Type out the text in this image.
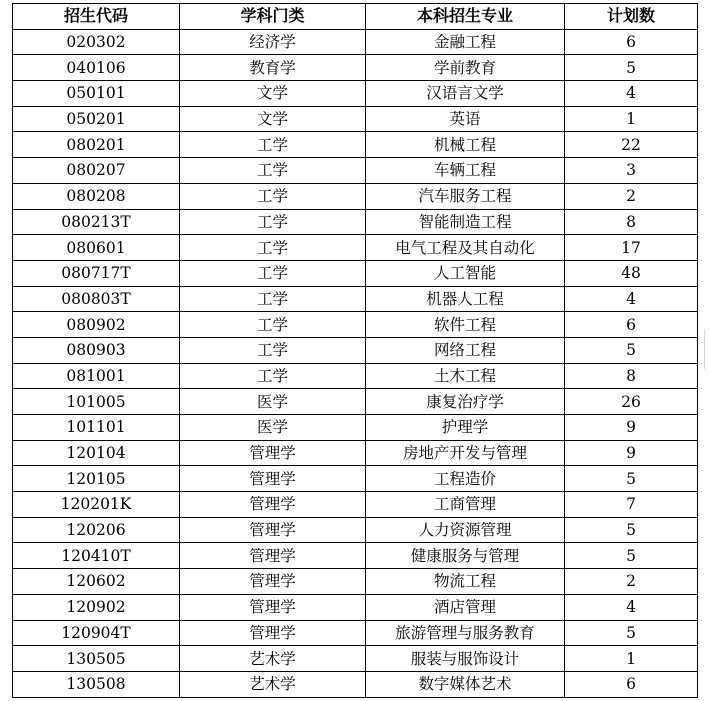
招生代码	学科门类	本科招生专业	计划数
020302	经济学	金融工程	6
040106	教育学	学前教育	5
050101	文学	汉语言文学	4
050201	文学	英语	1
080201	工学	机械工程	22
080207	工学	车辆工程	3
080208	工学	汽车服务工程	2
080213T	工学	智能制造工程	8
080601	工学	电气工程及其自动化	17
080717T	工学	人工智能	48
080803T	工学	机器人工程	4
080902	工学	软件工程	6
080903	工学	网络工程	5
081001	工学	土木工程	8
101005	医学	康复治疗学	26
101101	医学	护理学	9
120104	管理学	房地产开发与管理	9
120105	管理学	工程造价	5
120201K	管理学	工商管理	7
120206	管理学	人力资源管理	5
120410T	管理学	健康服务与管理	5
120602	管理学	物流工程	2
120902	管理学	酒店管理	4
120904T	管理学	旅游管理与服务教育	5
130505	艺术学	服装与服饰设计	1
130508	艺术学	数字媒体艺术	6
